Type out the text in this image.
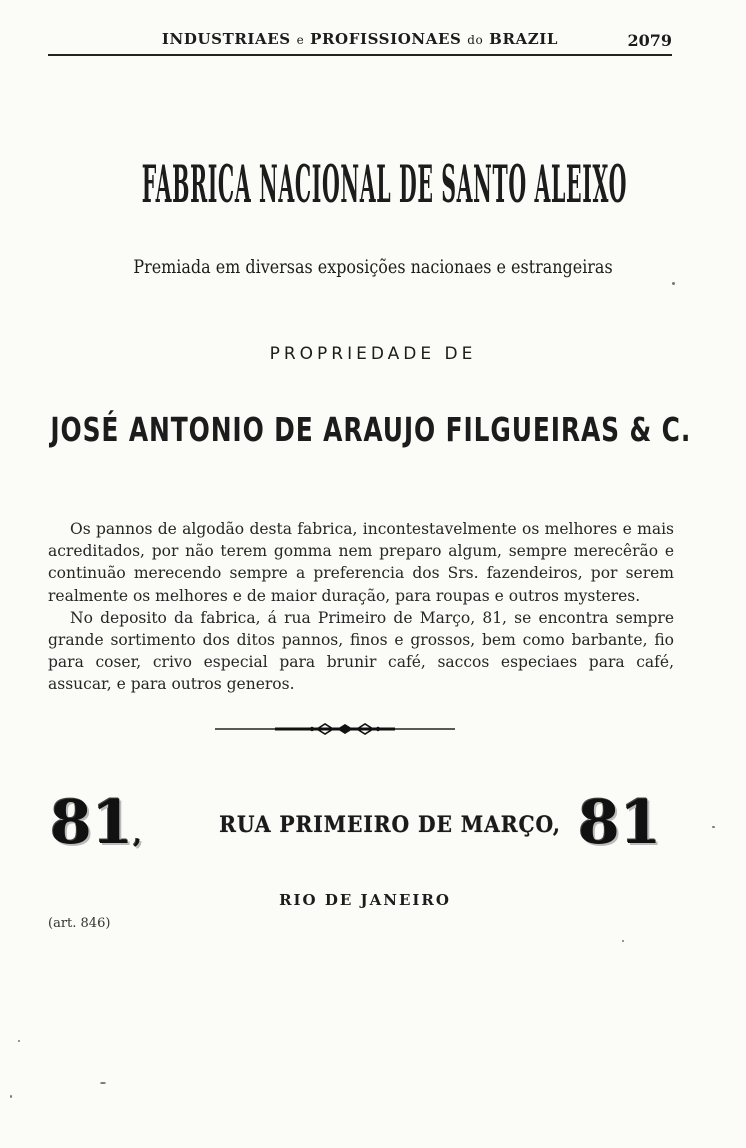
INDUSTRIAES e PROFISSIONAES do BRAZIL	2079
FABRICA NACIONAL DE SANTO ALEIXO
Premiada em diversas exposições nacionaes e estrangeiras
PROPRIEDADE DE
JOSÉ ANTONIO DE ARAUJO FILGUEIRAS & C.

Os pannos de algodão desta fabrica, incontestavelmente os melhores e mais acreditados, por não terem gomma nem preparo algum, sempre merecêrão e continuão merecendo sempre a preferencia dos Srs. fazendeiros, por serem realmente os melhores e de maior duração, para roupas e outros mysteres.

No deposito da fabrica, á rua Primeiro de Março, 81, se encontra sempre grande sortimento dos ditos pannos, finos e grossos, bem como barbante, fio para coser, crivo especial para brunir café, saccos especiaes para café, assucar, e para outros generos.

81,	RUA PRIMEIRO DE MARÇO, 81
RIO DE JANEIRO
(art. 846)
